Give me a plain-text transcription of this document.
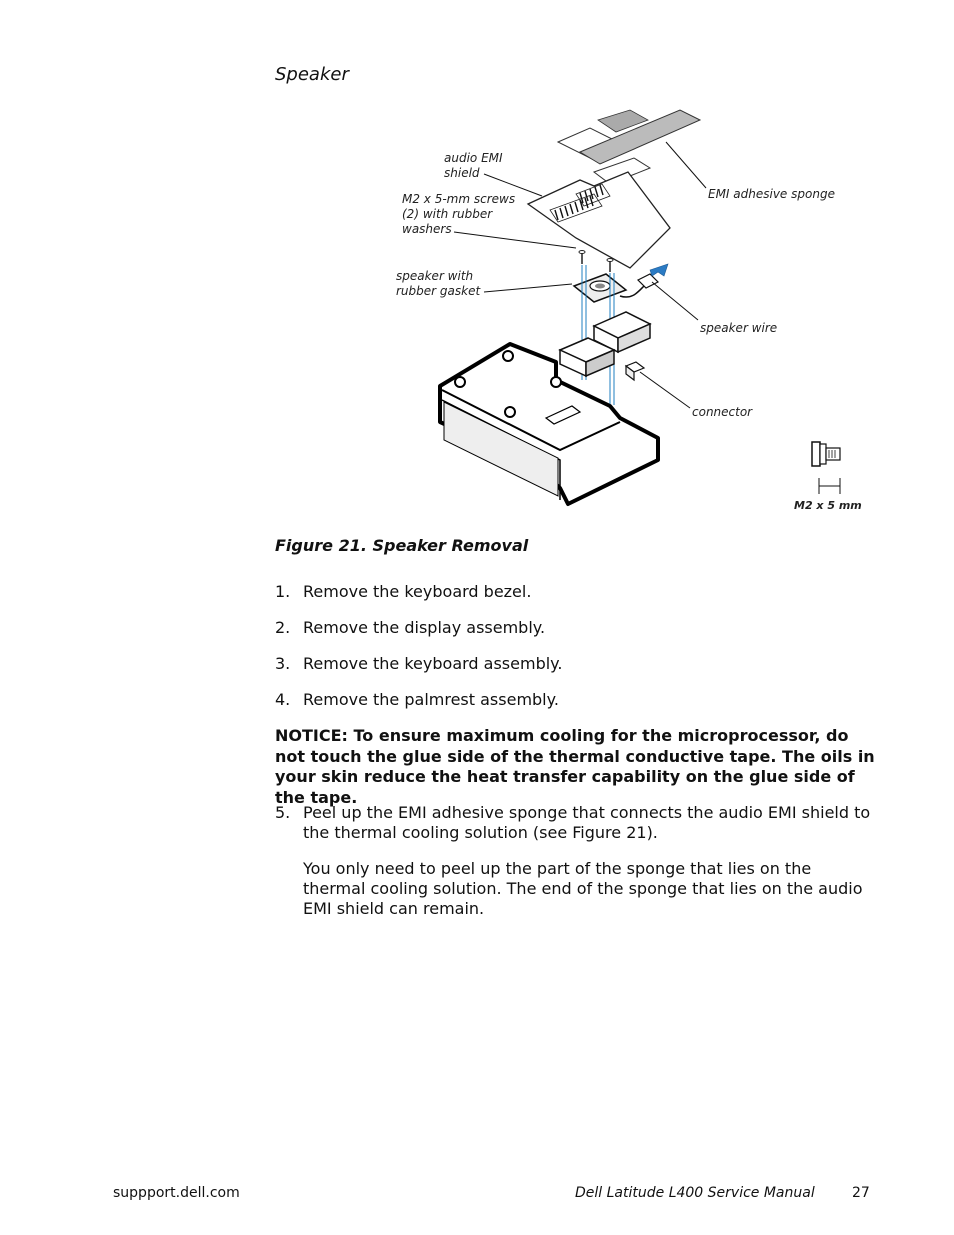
Speaker
audio EMI
shield
M2 x 5-mm screws
(2) with rubber
washers
EMI adhesive sponge
speaker with
rubber gasket
speaker wire
connector
M2 x 5 mm
Figure 21. Speaker Removal
1. Remove the keyboard bezel.
2. Remove the display assembly.
3. Remove the keyboard assembly.
4. Remove the palmrest assembly.
NOTICE: To ensure maximum cooling for the microprocessor, do not touch the glue side of the thermal conductive tape. The oils in your skin reduce the heat transfer capability on the glue side of the tape.
5. Peel up the EMI adhesive sponge that connects the audio EMI shield to the thermal cooling solution (see Figure 21).
You only need to peel up the part of the sponge that lies on the thermal cooling solution. The end of the sponge that lies on the audio EMI shield can remain.
suppport.dell.com	Dell Latitude L400 Service Manual	27
